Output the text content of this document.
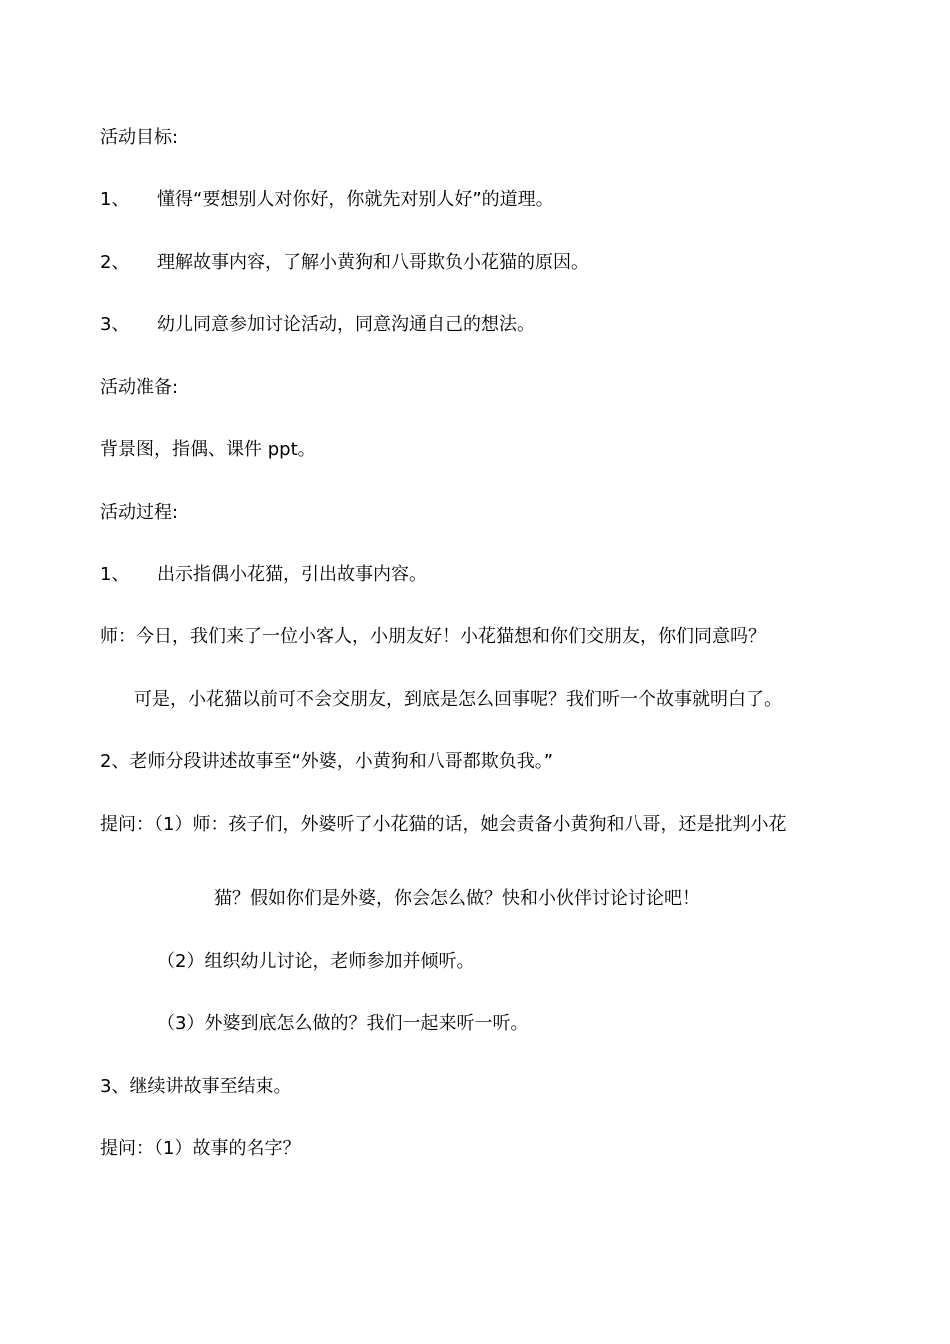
活动目标:
1、 懂得“要想别人对你好，你就先对别人好”的道理。
2、 理解故事内容，了解小黄狗和八哥欺负小花猫的原因。
3、 幼儿同意参加讨论活动，同意沟通自己的想法。
活动准备:
背景图，指偶、课件 ppt。
活动过程:
1、 出示指偶小花猫，引出故事内容。
师：今日，我们来了一位小客人，小朋友好！小花猫想和你们交朋友，你们同意吗？
可是，小花猫以前可不会交朋友，到底是怎么回事呢？我们听一个故事就明白了。
2、老师分段讲述故事至“外婆，小黄狗和八哥都欺负我。”
提问：（1）师：孩子们，外婆听了小花猫的话，她会责备小黄狗和八哥，还是批判小花
猫？假如你们是外婆，你会怎么做？快和小伙伴讨论讨论吧！
（2）组织幼儿讨论，老师参加并倾听。
（3）外婆到底怎么做的？我们一起来听一听。
3、继续讲故事至结束。
提问：（1）故事的名字？
